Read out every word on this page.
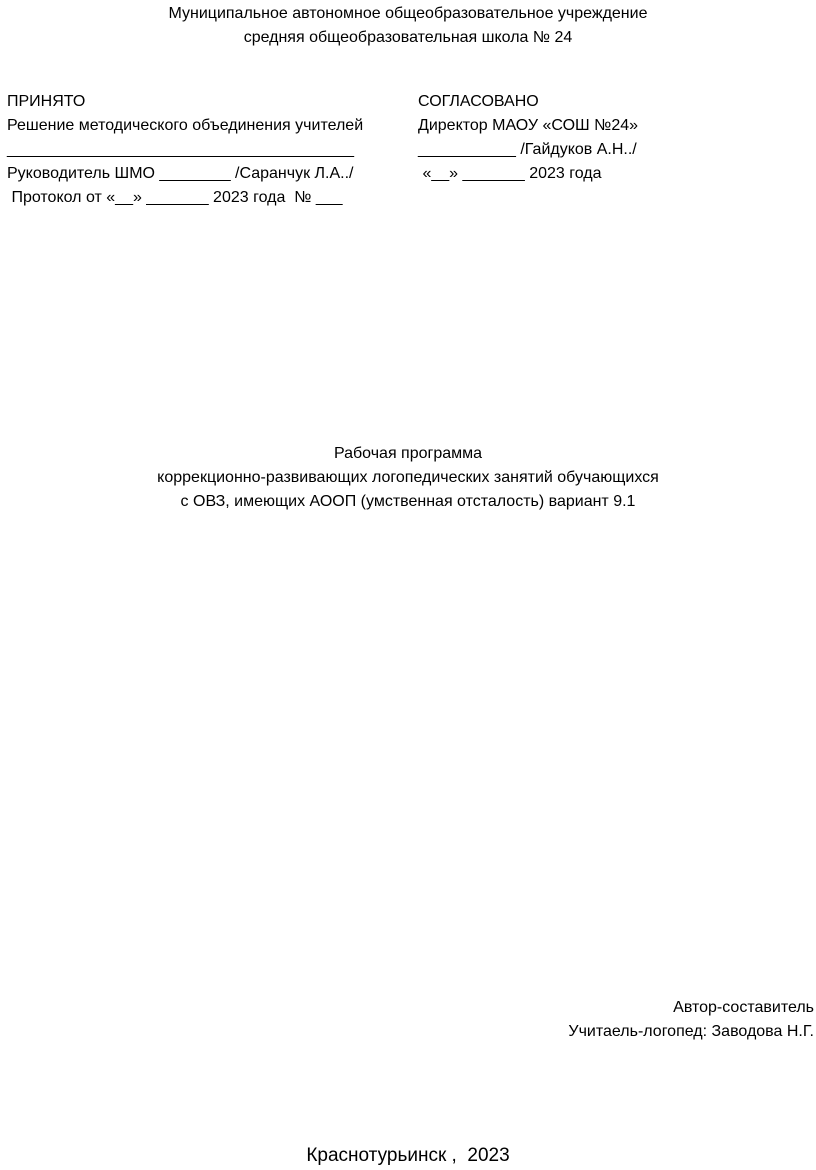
Муниципальное автономное общеобразовательное учреждение
средняя общеобразовательная школа № 24
ПРИНЯТО
Решение методического объединения учителей
_______________________________________
Руководитель ШМО ________ /Саранчук Л.А../
Протокол от «__» _______ 2023 года  № ___
СОГЛАСОВАНО
Директор МАОУ «СОШ №24»
___________ /Гайдуков А.Н../
«__» _______ 2023 года
Рабочая программа
коррекционно-развивающих логопедических занятий обучающихся
с ОВЗ, имеющих АООП (умственная отсталость) вариант 9.1
Автор-составитель
Учитаель-логопед: Заводова Н.Г.
Краснотурьинск ,  2023
